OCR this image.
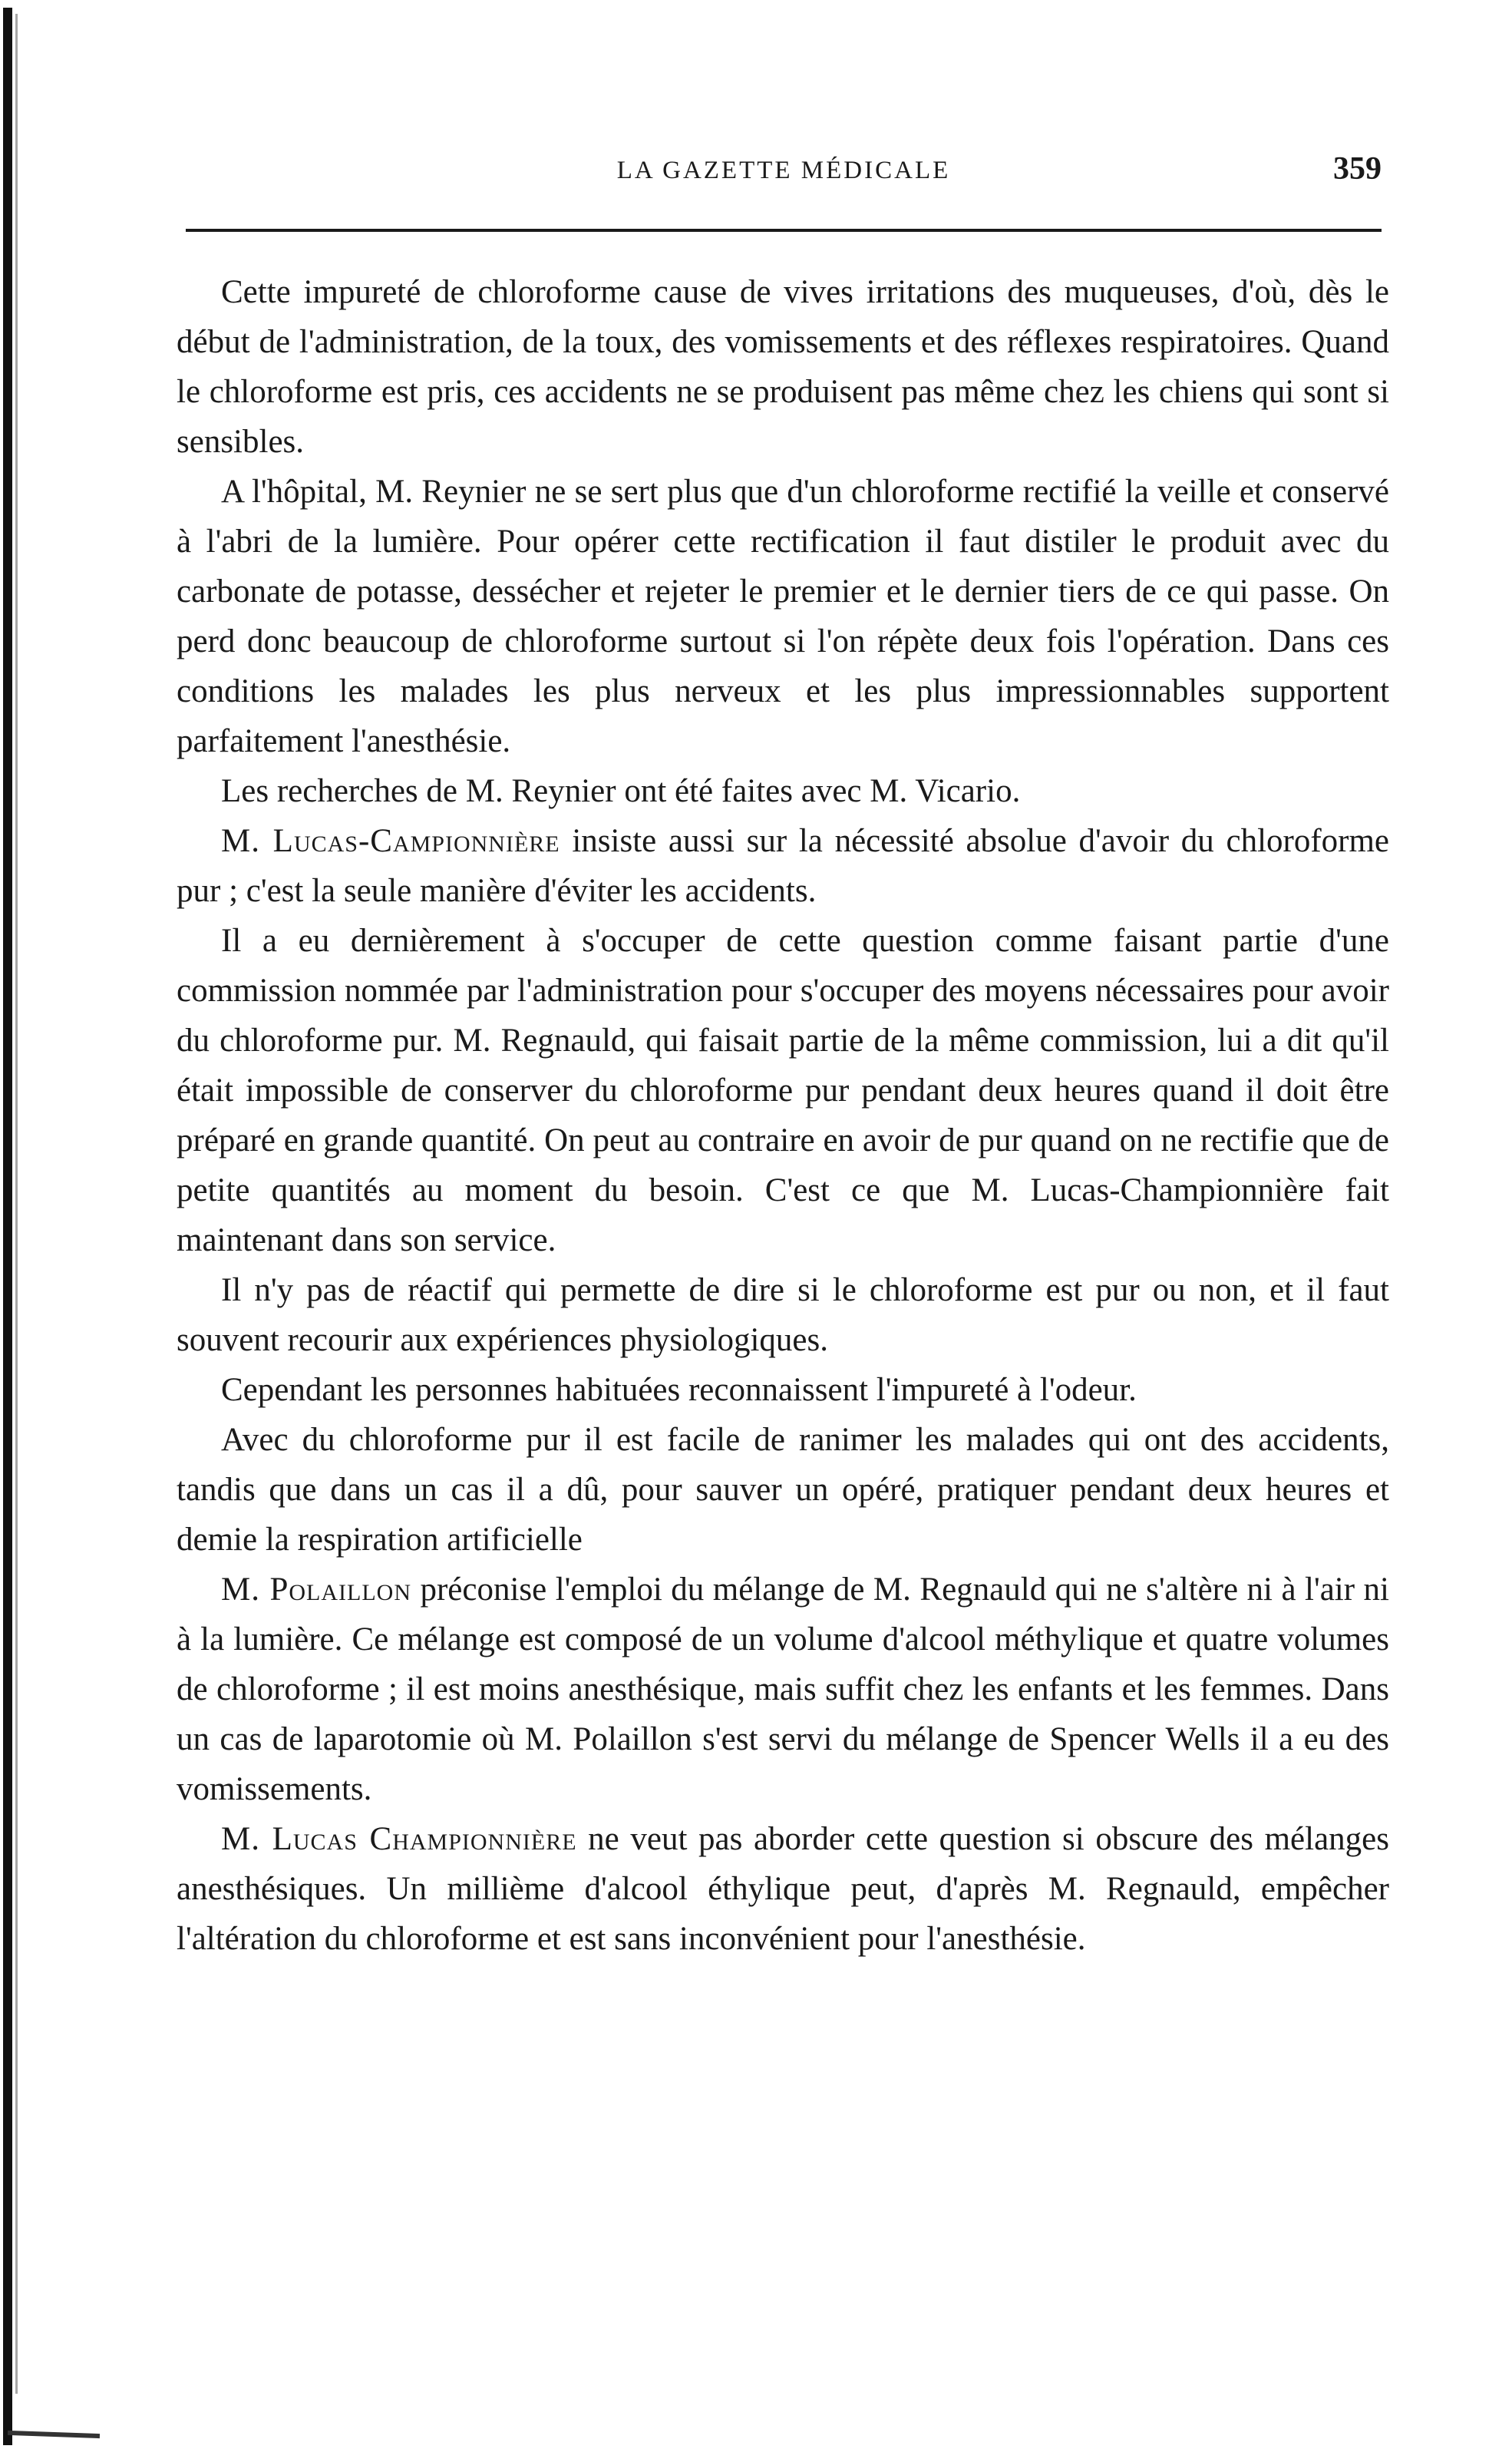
LA GAZETTE MÉDICALE	359

Cette impureté de chloroforme cause de vives irritations des muqueuses, d'où, dès le début de l'administration, de la toux, des vomissements et des réflexes respiratoires. Quand le chloroforme est pris, ces accidents ne se produisent pas même chez les chiens qui sont si sensibles.

A l'hôpital, M. Reynier ne se sert plus que d'un chloroforme rectifié la veille et conservé à l'abri de la lumière. Pour opérer cette rectification il faut distiler le produit avec du carbonate de potasse, dessécher et rejeter le premier et le dernier tiers de ce qui passe. On perd donc beaucoup de chloroforme surtout si l'on répète deux fois l'opération. Dans ces conditions les malades les plus nerveux et les plus impressionnables supportent parfaitement l'anesthésie.

Les recherches de M. Reynier ont été faites avec M. Vicario.

M. Lucas-Campionnière insiste aussi sur la nécessité absolue d'avoir du chloroforme pur ; c'est la seule manière d'éviter les accidents.

Il a eu dernièrement à s'occuper de cette question comme faisant partie d'une commission nommée par l'administration pour s'occuper des moyens nécessaires pour avoir du chloroforme pur. M. Regnauld, qui faisait partie de la même commission, lui a dit qu'il était impossible de conserver du chloroforme pur pendant deux heures quand il doit être préparé en grande quantité. On peut au contraire en avoir de pur quand on ne rectifie que de petite quantités au moment du besoin. C'est ce que M. Lucas-Championnière fait maintenant dans son service.

Il n'y pas de réactif qui permette de dire si le chloroforme est pur ou non, et il faut souvent recourir aux expériences physiologiques.

Cependant les personnes habituées reconnaissent l'impureté à l'odeur.

Avec du chloroforme pur il est facile de ranimer les malades qui ont des accidents, tandis que dans un cas il a dû, pour sauver un opéré, pratiquer pendant deux heures et demie la respiration artificielle

M. Polaillon préconise l'emploi du mélange de M. Regnauld qui ne s'altère ni à l'air ni à la lumière. Ce mélange est composé de un volume d'alcool méthylique et quatre volumes de chloroforme ; il est moins anesthésique, mais suffit chez les enfants et les femmes. Dans un cas de laparotomie où M. Polaillon s'est servi du mélange de Spencer Wells il a eu des vomissements.

M. Lucas Championnière ne veut pas aborder cette question si obscure des mélanges anesthésiques. Un millième d'alcool éthylique peut, d'après M. Regnauld, empêcher l'altération du chloroforme et est sans inconvénient pour l'anesthésie.
